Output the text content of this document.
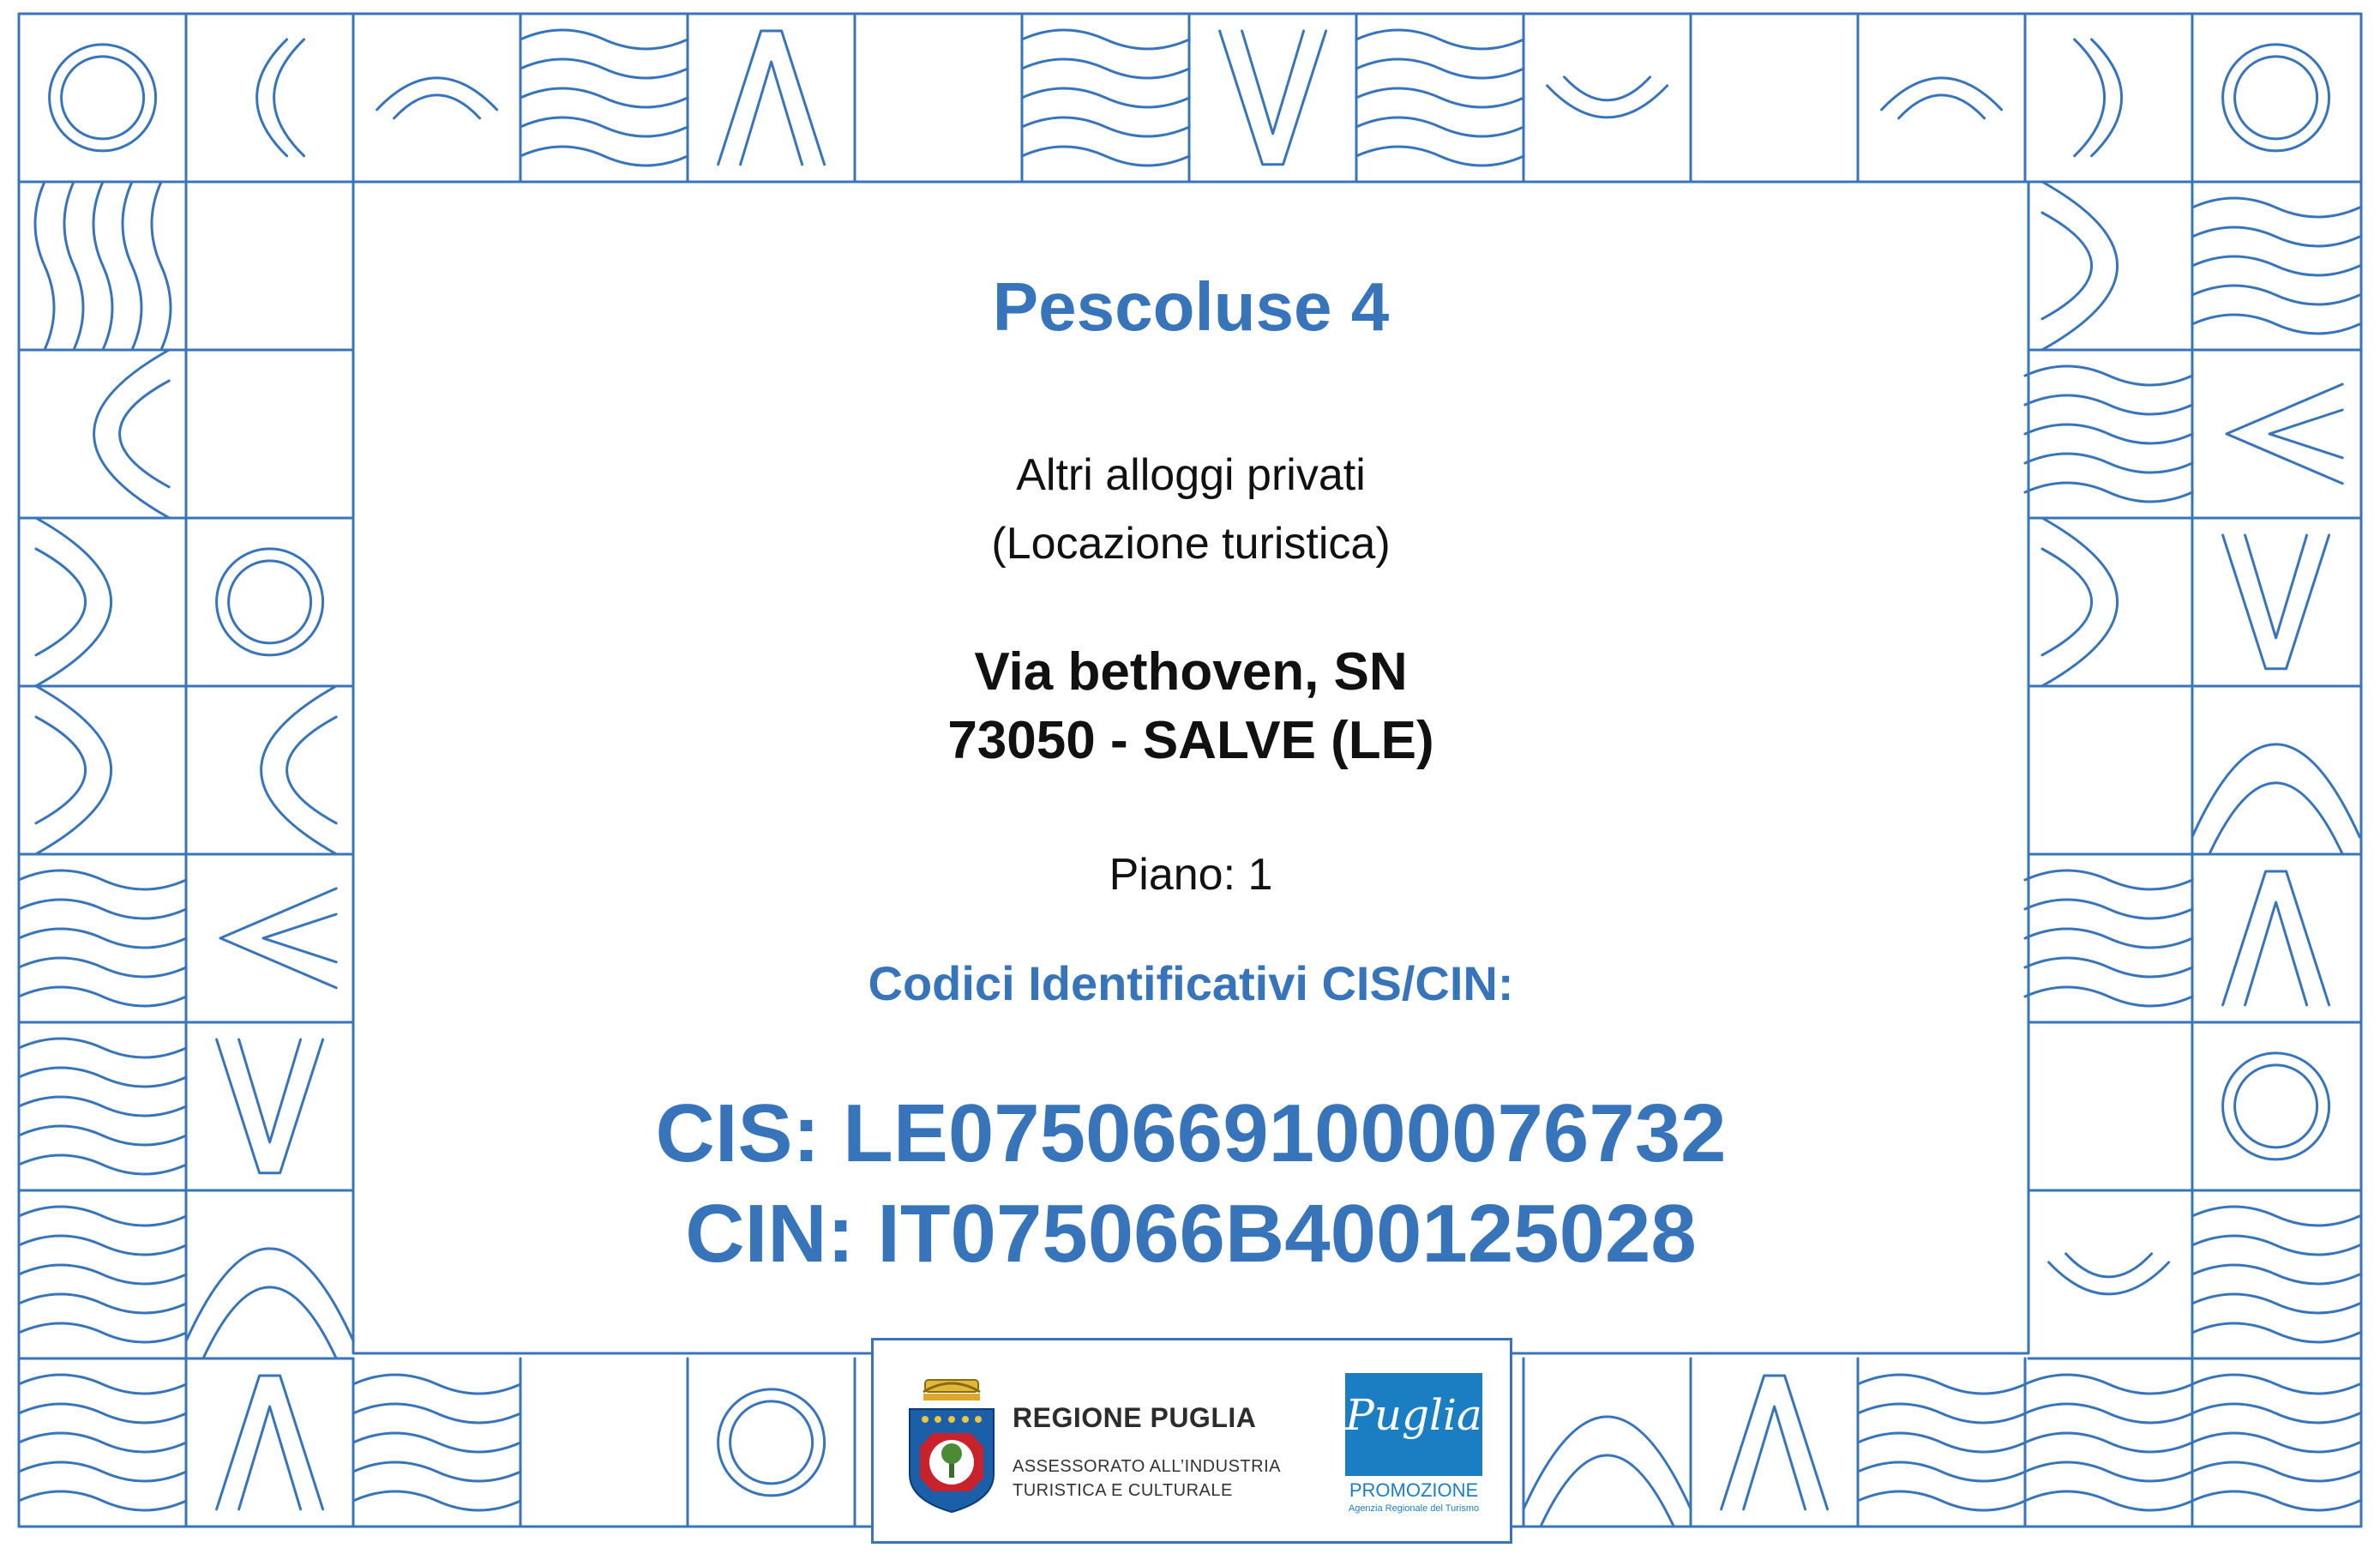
Pescoluse 4
Altri alloggi privati
(Locazione turistica)
Via bethoven, SN
73050 - SALVE (LE)
Piano: 1
Codici Identificativi CIS/CIN:
CIS: LE07506691000076732
CIN: IT075066B400125028
REGIONE PUGLIA
ASSESSORATO ALL’INDUSTRIA
TURISTICA E CULTURALE
Puglia
PROMOZIONE
Agenzia Regionale del Turismo
